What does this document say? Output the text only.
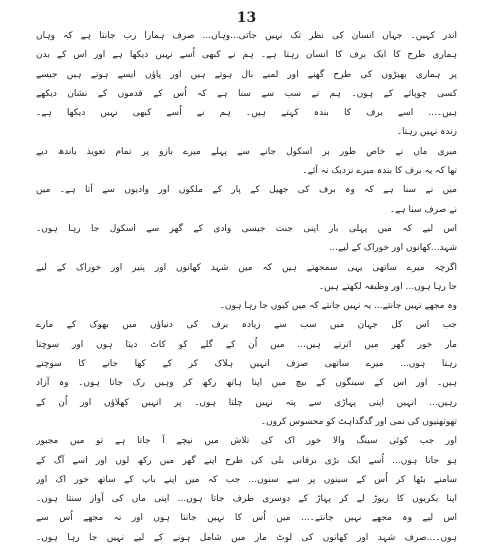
13
اندر کہیں۔ جہاں انسان کی نظر تک نہیں جاتی...وہاں... صرف ہمارا رب جانتا ہے کہ وہاں
ہماری طرح کا ایک برف کا انسان رہتا ہے۔ ہم نے کبھی اُسے نہیں دیکھا ہے اور اس کے بدن
پر ہماری بھیڑوں کی طرح گھنے اور لمبے بال ہوتے ہیں اور پاؤں ایسے ہوتے ہیں جیسے
کسی چوپائے کے ہوں۔ ہم نے سب سے سنا ہے کہ اُس کے قدموں کے نشان دیکھے
ہیں۔... اسے برف کا بندہ کہتے ہیں۔ ہم نے اُسے کبھی نہیں دیکھا ہے۔
زندہ نہیں رہتا۔
میری ماں نے خاص طور پر اسکول جانے سے پہلے میرے بازو پر تمام تعویذ باندھ دیے
تھا کہ یہ برف کا بندہ میرے نزدیک نہ آئے۔
میں نے سنا ہے کہ وہ برف کی جھیل کے پار کے ملکوں اور وادیوں سے آتا ہے۔ میں
نے صرف سنا ہے۔
اس لیے کہ میں پہلی بار اپنی جنت جیسی وادی کے گھر سے اسکول جا رہا ہوں۔
شہد...کھانوں اور خوراک کے لیے...
اگرچہ میرے ساتھی یہی سمجھتے ہیں کہ میں شہد کھانوں اور پنیر اور خوراک کے لیے
جا رہا ہوں... اور وظیفہ لکھتے ہیں۔
وہ مجھے نہیں جانتے... یہ نہیں جانتے کہ میں کیوں جا رہا ہوں۔
جب اس کل جہان میں سب سے زیادہ برف کی دنیاؤں میں بھوک کے مارے
مار خور گھر میں اترتے ہیں... میں اُن کے گلے کو کاٹ دیتا ہوں اور سوچتا
رہتا ہوں... میرے ساتھی صرف انہیں ہلاک کر کے کھا جانے کا سوچتے
ہیں۔ اور اس کے سینگوں کے بیچ میں اپنا ہاتھ رکھ کر وہیں رک جاتا ہوں۔ وہ آزاد
رہیں... انہیں اپنی پہاڑی سے پتہ نہیں چلتا ہوں۔ پر انہیں کھلاؤں اور اُن کے
تھوتھنیوں کی نمی اور گدگداہٹ کو محسوس کروں۔
اور جب کوئی سینگ والا خور اک کی تلاش میں نیچے آ جاتا ہے تو میں مجبور
ہو جاتا ہوں... اُسے ایک بڑی برفانی بلی کی طرح اپنے گھر میں رکھ لوں اور اسے آگ کے
سامنے بٹھا کر اُس کے سینوں پر سے سنوں... جب کہ میں اپنے باپ کے ساتھ خور اک اور
اپنا بکریوں کا ریوڑ لے کر پہاڑ کے دوسری طرف جاتا ہوں... اپنی ماں کی آواز سنتا ہوں۔
اس لیے وہ مجھے نہیں جانتے۔... میں اُس کا نہیں جانتا ہوں اور نہ مجھے اُس سے
ہوں۔...صرف شہد اور کھانوں کی لوٹ مار میں شامل ہونے کے لیے نہیں جا رہا ہوں۔
